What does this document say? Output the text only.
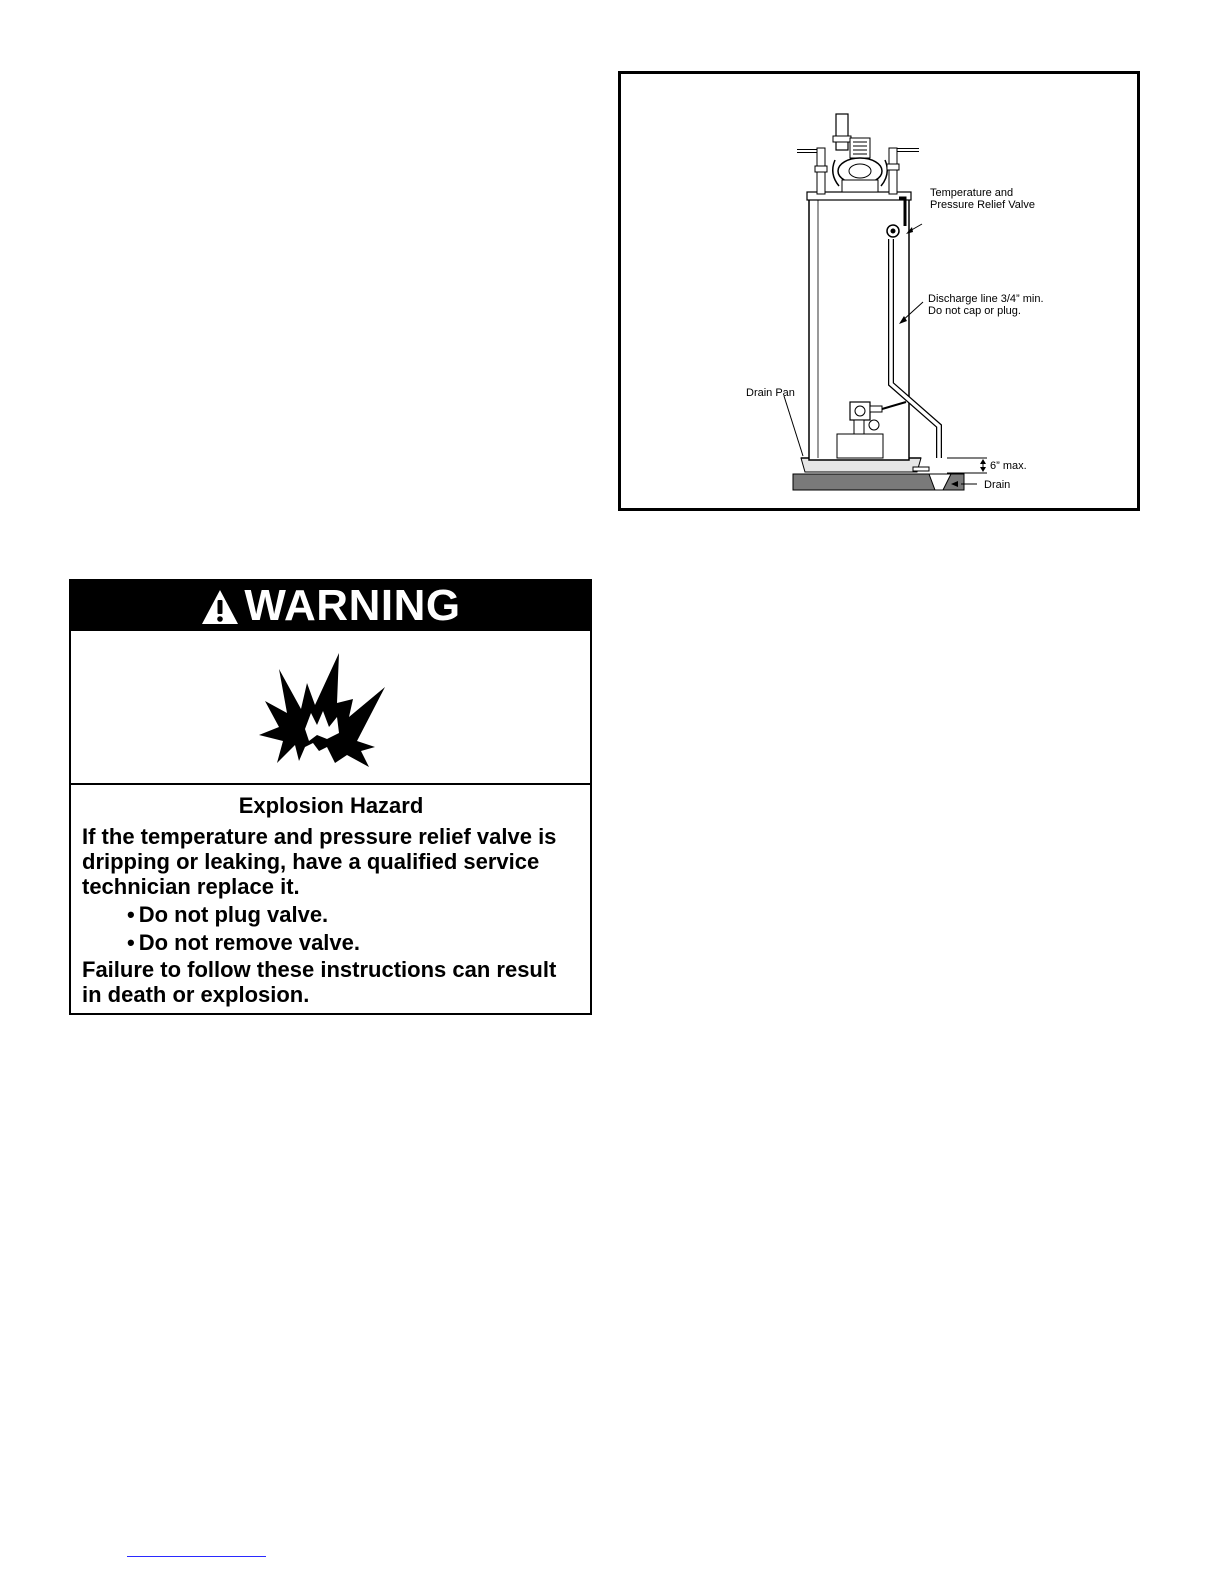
Temperature and
Pressure Relief Valve
Discharge line 3/4” min.
Do not cap or plug.
Drain Pan
6” max.
Drain
WARNING
Explosion Hazard

If the temperature and pressure relief valve is dripping or leaking, have a qualified service technician replace it.

• Do not plug valve.
• Do not remove valve.

Failure to follow these instructions can result in death or explosion.
